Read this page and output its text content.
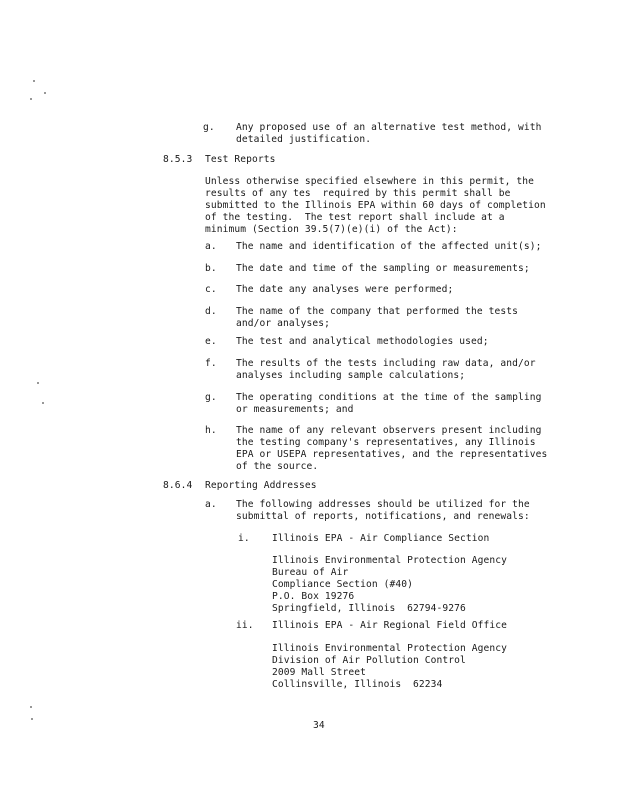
g. Any proposed use of an alternative test method, with
detailed justification.
8.5.3 Test Reports
Unless otherwise specified elsewhere in this permit, the
results of any tes  required by this permit shall be
submitted to the Illinois EPA within 60 days of completion
of the testing.  The test report shall include at a
minimum (Section 39.5(7)(e)(i) of the Act):
a. The name and identification of the affected unit(s);
b. The date and time of the sampling or measurements;
c. The date any analyses were performed;
d. The name of the company that performed the tests
and/or analyses;
e. The test and analytical methodologies used;
f. The results of the tests including raw data, and/or
analyses including sample calculations;
g. The operating conditions at the time of the sampling
or measurements; and
h. The name of any relevant observers present including
the testing company's representatives, any Illinois
EPA or USEPA representatives, and the representatives
of the source.
8.6.4 Reporting Addresses
a. The following addresses should be utilized for the
submittal of reports, notifications, and renewals:
i. Illinois EPA - Air Compliance Section
Illinois Environmental Protection Agency
Bureau of Air
Compliance Section (#40)
P.O. Box 19276
Springfield, Illinois  62794-9276
ii. Illinois EPA - Air Regional Field Office
Illinois Environmental Protection Agency
Division of Air Pollution Control
2009 Mall Street
Collinsville, Illinois  62234
34
